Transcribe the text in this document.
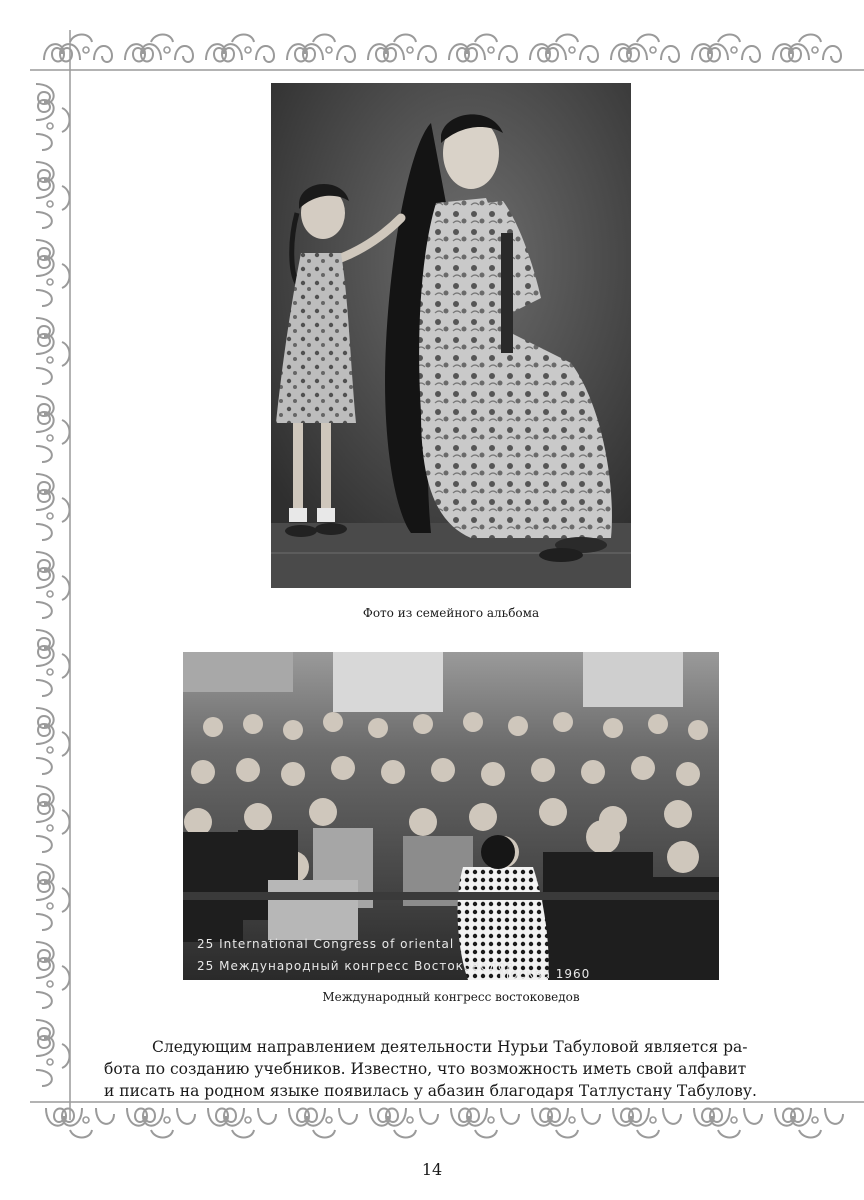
Фото из семейного альбома
25 International Congress of oriental
25 Международный конгресс Востоковедов
Москва 1960
Международный конгресс востоковедов
Следующим направлением деятельности Нурьи Табуловой является ра-
бота по созданию учебников. Известно, что возможность иметь свой алфавит
и писать на родном языке появилась у абазин благодаря Татлустану Табулову.
14
